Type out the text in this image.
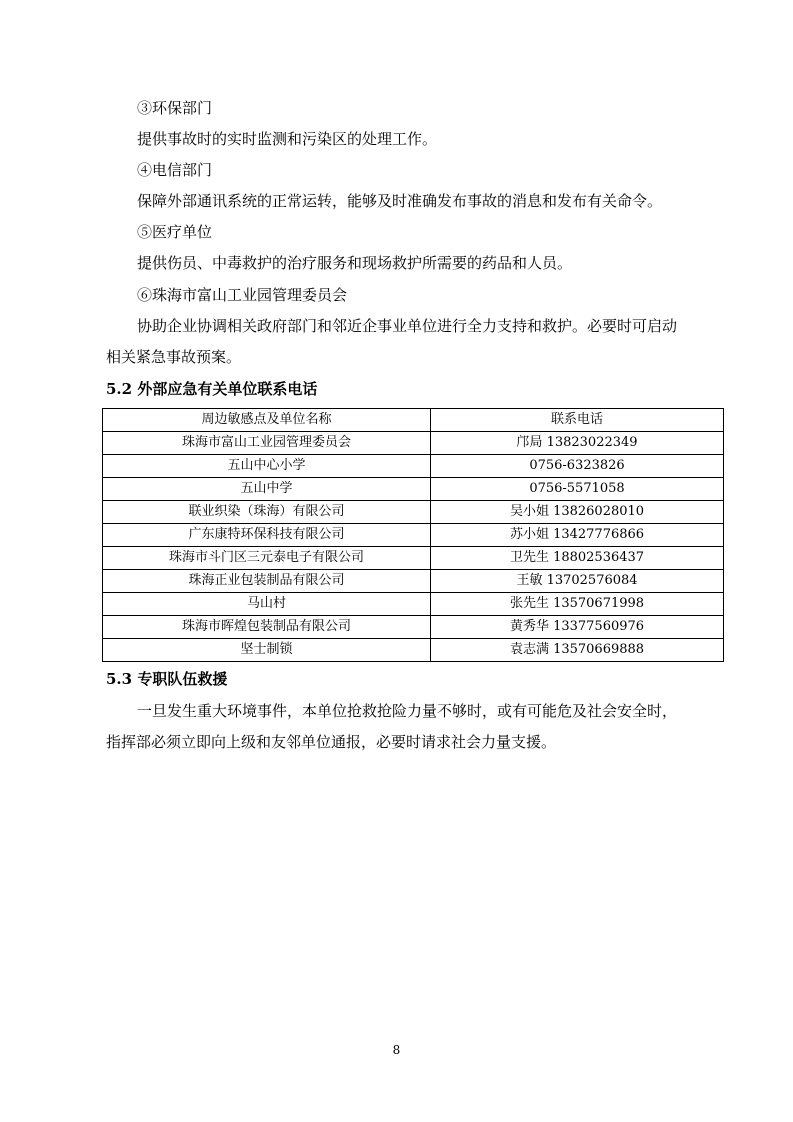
③环保部门
提供事故时的实时监测和污染区的处理工作。
④电信部门
保障外部通讯系统的正常运转，能够及时准确发布事故的消息和发布有关命令。
⑤医疗单位
提供伤员、中毒救护的治疗服务和现场救护所需要的药品和人员。
⑥珠海市富山工业园管理委员会
协助企业协调相关政府部门和邻近企事业单位进行全力支持和救护。必要时可启动
相关紧急事故预案。
5.2 外部应急有关单位联系电话
周边敏感点及单位名称	联系电话
珠海市富山工业园管理委员会	邝局 13823022349
五山中心小学	0756-6323826
五山中学	0756-5571058
联业织染（珠海）有限公司	吴小姐 13826028010
广东康特环保科技有限公司	苏小姐 13427776866
珠海市斗门区三元泰电子有限公司	卫先生 18802536437
珠海正业包装制品有限公司	王敏 13702576084
马山村	张先生 13570671998
珠海市晖煌包装制品有限公司	黄秀华 13377560976
坚士制锁	袁志满 13570669888
5.3 专职队伍救援
一旦发生重大环境事件，本单位抢救抢险力量不够时，或有可能危及社会安全时，
指挥部必须立即向上级和友邻单位通报，必要时请求社会力量支援。
8
